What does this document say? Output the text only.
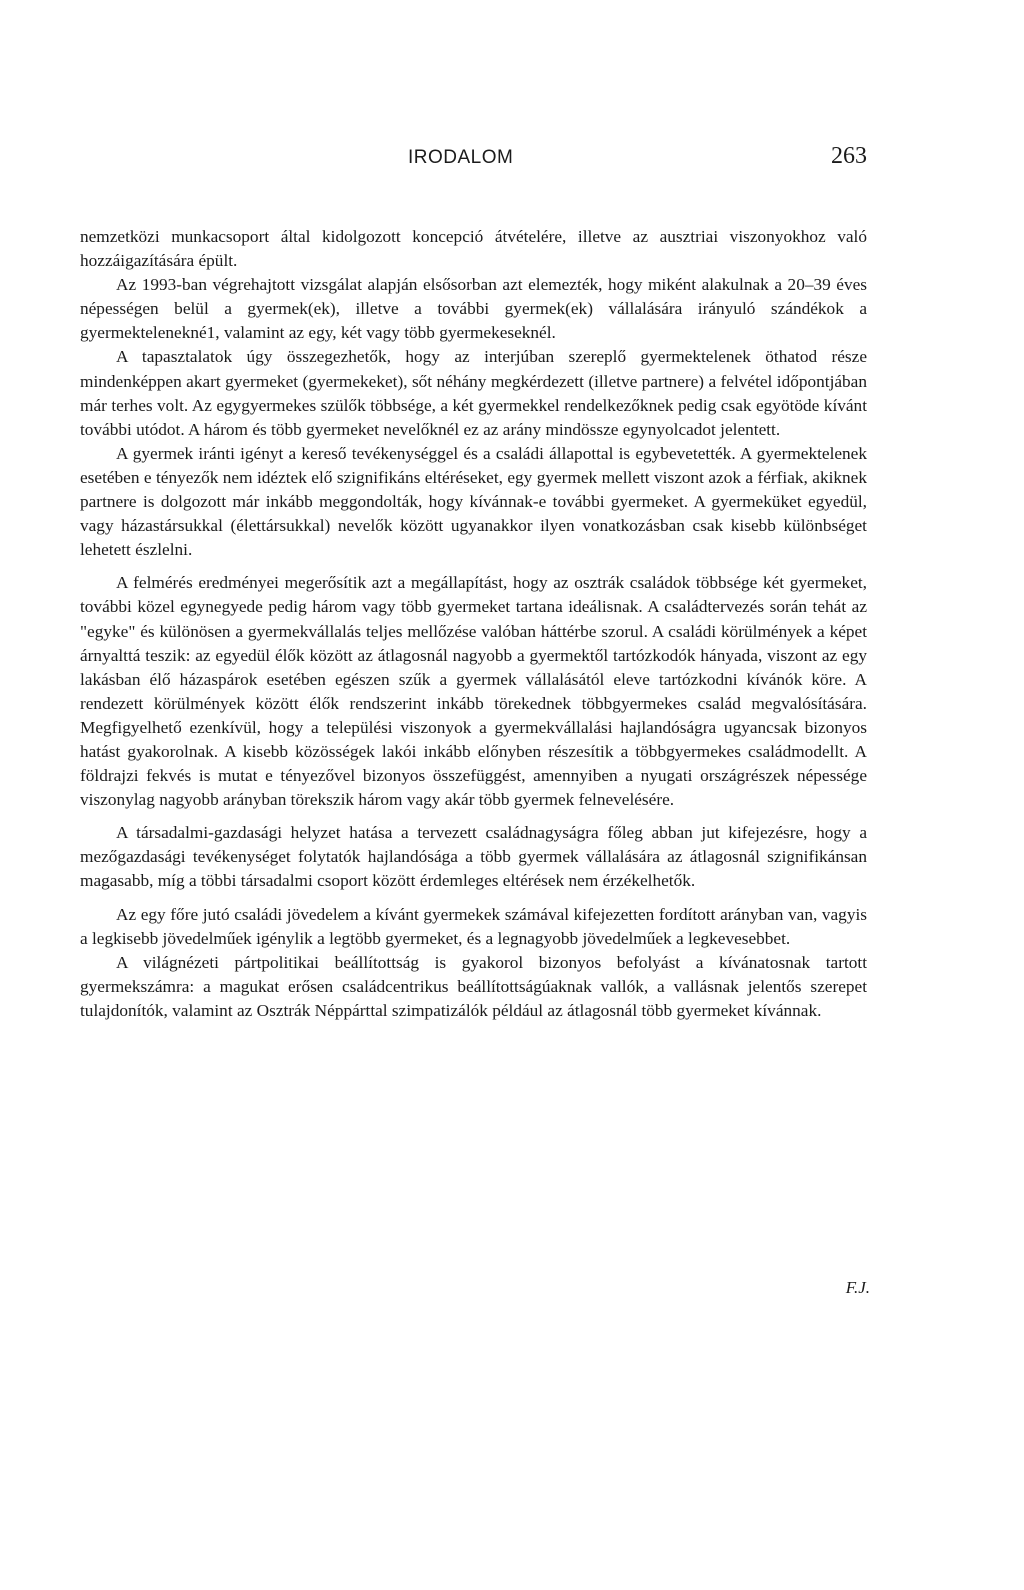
IRODALOM	263

nemzetközi munkacsoport által kidolgozott koncepció átvételére, illetve az ausztriai viszonyokhoz való hozzáigazítására épült.

Az 1993-ban végrehajtott vizsgálat alapján elsősorban azt elemezték, hogy miként alakulnak a 20–39 éves népességen belül a gyermek(ek), illetve a további gyermek(ek) vállalására irányuló szándékok a gyermektelenekné1, valamint az egy, két vagy több gyermekeseknél.

A tapasztalatok úgy összegezhetők, hogy az interjúban szereplő gyermektelenek öthatod része mindenképpen akart gyermeket (gyermekeket), sőt néhány megkérdezett (illetve partnere) a felvétel időpontjában már terhes volt. Az egygyermekes szülők többsége, a két gyermekkel rendelkezőknek pedig csak egyötöde kívánt további utódot. A három és több gyermeket nevelőknél ez az arány mindössze egynyolcadot jelentett.

A gyermek iránti igényt a kereső tevékenységgel és a családi állapottal is egybevetették. A gyermektelenek esetében e tényezők nem idéztek elő szignifikáns eltéréseket, egy gyermek mellett viszont azok a férfiak, akiknek partnere is dolgozott már inkább meggondolták, hogy kívánnak-e további gyermeket. A gyermeküket egyedül, vagy házastársukkal (élettársukkal) nevelők között ugyanakkor ilyen vonatkozásban csak kisebb különbséget lehetett észlelni.

A felmérés eredményei megerősítik azt a megállapítást, hogy az osztrák családok többsége két gyermeket, további közel egynegyede pedig három vagy több gyermeket tartana ideálisnak. A családtervezés során tehát az "egyke" és különösen a gyermekvállalás teljes mellőzése valóban háttérbe szorul. A családi körülmények a képet árnyalttá teszik: az egyedül élők között az átlagosnál nagyobb a gyermektől tartózkodók hányada, viszont az egy lakásban élő házaspárok esetében egészen szűk a gyermek vállalásától eleve tartózkodni kívánók köre. A rendezett körülmények között élők rendszerint inkább törekednek többgyermekes család megvalósítására. Megfigyelhető ezenkívül, hogy a települési viszonyok a gyermekvállalási hajlandóságra ugyancsak bizonyos hatást gyakorolnak. A kisebb közösségek lakói inkább előnyben részesítik a többgyermekes családmodellt. A földrajzi fekvés is mutat e tényezővel bizonyos összefüggést, amennyiben a nyugati országrészek népessége viszonylag nagyobb arányban törekszik három vagy akár több gyermek felnevelésére.

A társadalmi-gazdasági helyzet hatása a tervezett családnagyságra főleg abban jut kifejezésre, hogy a mezőgazdasági tevékenységet folytatók hajlandósága a több gyermek vállalására az átlagosnál szignifikánsan magasabb, míg a többi társadalmi csoport között érdemleges eltérések nem érzékelhetők.

Az egy főre jutó családi jövedelem a kívánt gyermekek számával kifejezetten fordított arányban van, vagyis a legkisebb jövedelműek igénylik a legtöbb gyermeket, és a legnagyobb jövedelműek a legkevesebbet.

A világnézeti pártpolitikai beállítottság is gyakorol bizonyos befolyást a kívánatosnak tartott gyermekszámra: a magukat erősen családcentrikus beállítottságúaknak vallók, a vallásnak jelentős szerepet tulajdonítók, valamint az Osztrák Néppárttal szimpatizálók például az átlagosnál több gyermeket kívánnak.

F.J.
